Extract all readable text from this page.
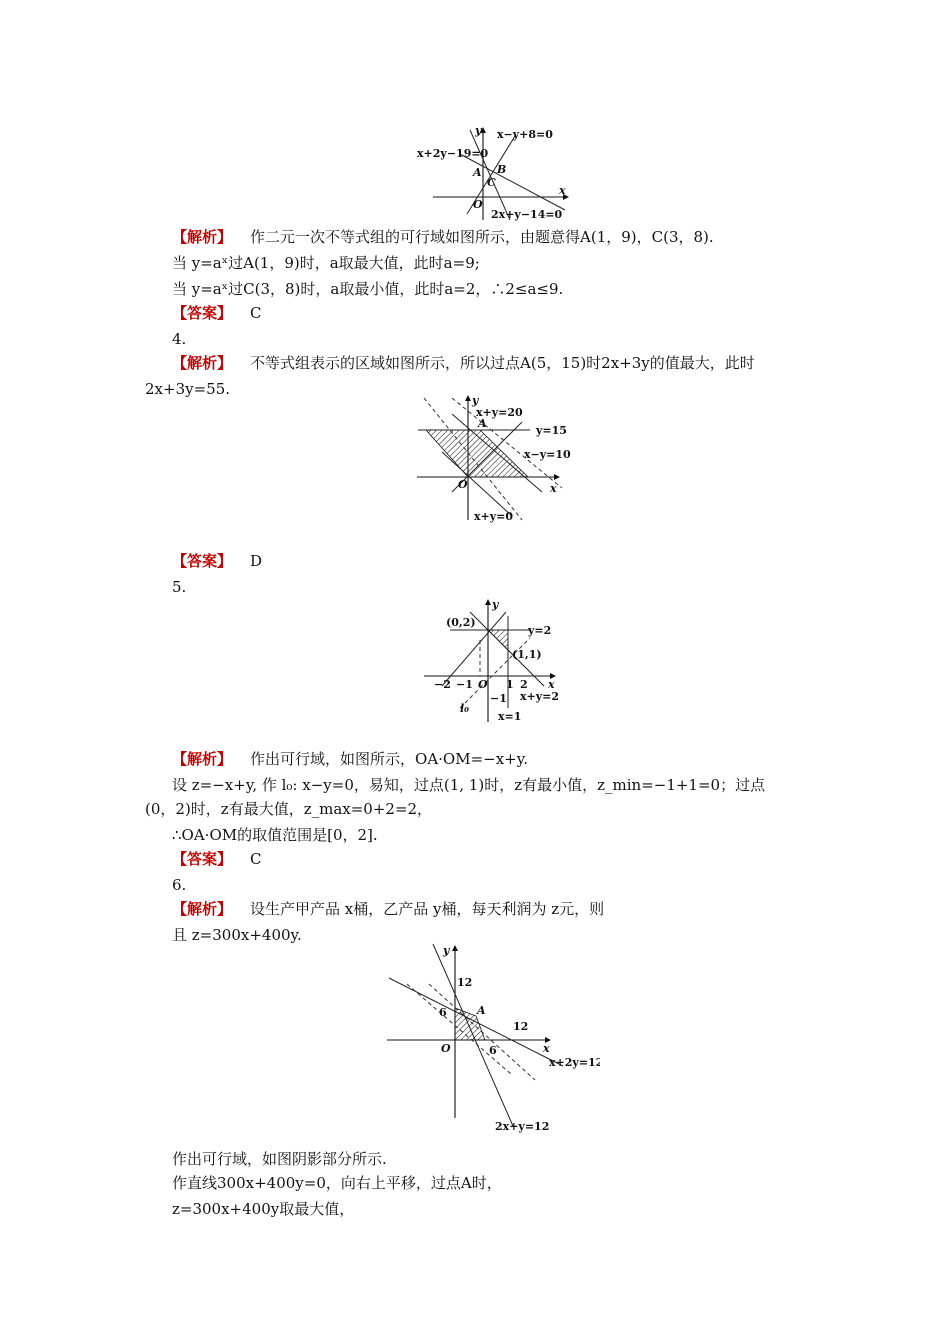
x−y+8=0
x+2y−19=0
2x+y−14=0
A B
C
O
x
y
【解析】 作二元一次不等式组的可行域如图所示，由题意得A(1，9)，C(3，8).
当 y=aˣ过A(1，9)时，a取最大值，此时a=9;
当 y=aˣ过C(3，8)时，a取最小值，此时a=2，∴2≤a≤9.
【答案】 C
4.
【解析】 不等式组表示的区域如图所示，所以过点A(5，15)时2x+3y的值最大，此时
2x+3y=55.
x+y=20
y=15
x−y=10
x+y=0
A
O	x
y
【答案】 D
5.
(0,2)
(1,1)
y=2
x+y=2
x=1
l₀
−2 −1	1 2
−1
O	x
y
【解析】 作出可行域，如图所示，OA·OM=−x+y.
设 z=−x+y, 作 l₀: x−y=0，易知，过点(1, 1)时，z有最小值，z_min=−1+1=0；过点
(0，2)时，z有最大值，z_max=0+2=2，
∴OA·OM的取值范围是[0，2].
【答案】 C
6.
【解析】 设生产甲产品 x桶，乙产品 y桶，每天利润为 z元，则
且 z=300x+400y.
12
6
6
12
A
x+2y=12
2x+y=12
O	x
y
作出可行域，如图阴影部分所示.
作直线300x+400y=0，向右上平移，过点A时，
z=300x+400y取最大值，
